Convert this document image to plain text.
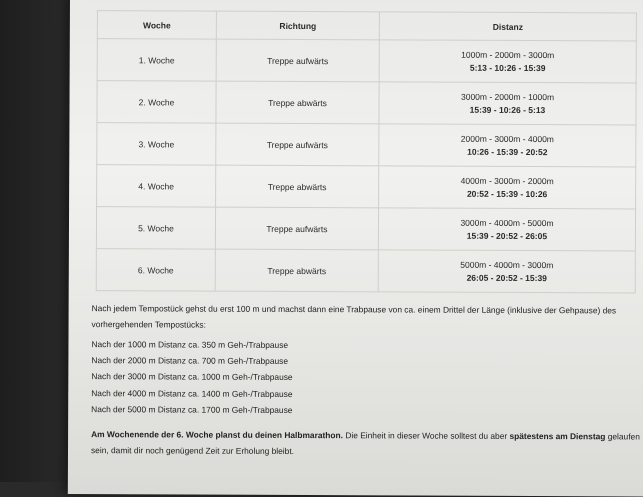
Woche	Richtung	Distanz
1. Woche	Treppe aufwärts	1000m - 2000m - 3000m
5:13 - 10:26 - 15:39

2. Woche	Treppe abwärts	3000m - 2000m - 1000m
15:39 - 10:26 - 5:13

3. Woche	Treppe aufwärts	2000m - 3000m - 4000m
10:26 - 15:39 - 20:52

4. Woche	Treppe abwärts	4000m - 3000m - 2000m
20:52 - 15:39 - 10:26

5. Woche	Treppe aufwärts	3000m - 4000m - 5000m
15:39 - 20:52 - 26:05

6. Woche	Treppe abwärts	5000m - 4000m - 3000m
26:05 - 20:52 - 15:39
Nach jedem Tempostück gehst du erst 100 m und machst dann eine Trabpause von ca. einem Drittel der Länge (inklusive der Gehpause) des vorhergehenden Tempostücks:
Nach der 1000 m Distanz ca. 350 m Geh-/Trabpause
Nach der 2000 m Distanz ca. 700 m Geh-/Trabpause
Nach der 3000 m Distanz ca. 1000 m Geh-/Trabpause
Nach der 4000 m Distanz ca. 1400 m Geh-/Trabpause
Nach der 5000 m Distanz ca. 1700 m Geh-/Trabpause
Am Wochenende der 6. Woche planst du deinen Halbmarathon. Die Einheit in dieser Woche solltest du aber spätestens am Dienstag gelaufen sein, damit dir noch genügend Zeit zur Erholung bleibt.
